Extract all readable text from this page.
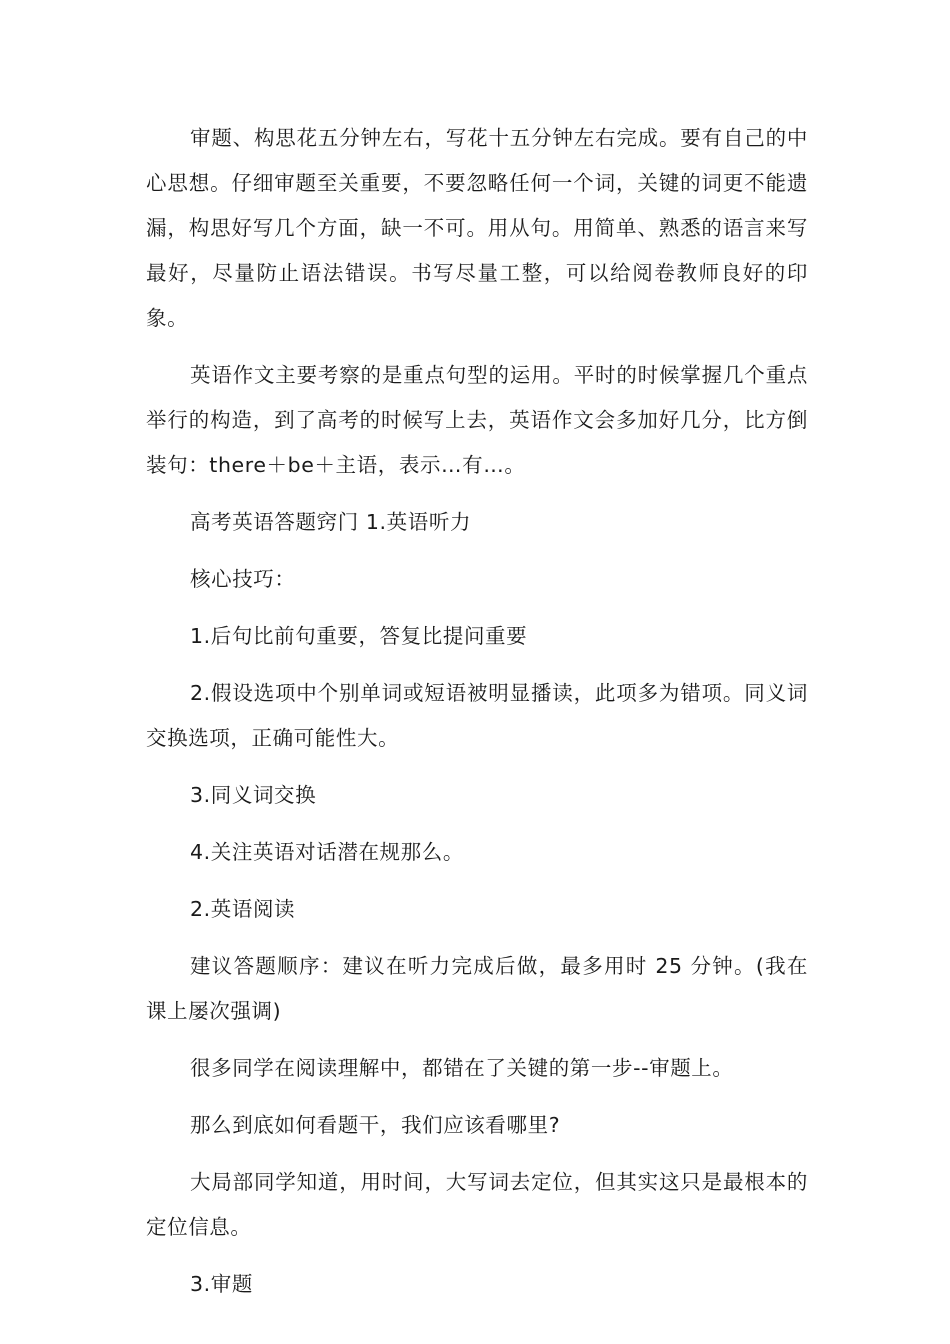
审题、构思花五分钟左右，写花十五分钟左右完成。要有自己的中心思想。仔细审题至关重要，不要忽略任何一个词，关键的词更不能遗漏，构思好写几个方面，缺一不可。用从句。用简单、熟悉的语言来写最好，尽量防止语法错误。书写尽量工整，可以给阅卷教师良好的印象。

英语作文主要考察的是重点句型的运用。平时的时候掌握几个重点举行的构造，到了高考的时候写上去，英语作文会多加好几分，比方倒装句：there＋be＋主语，表示…有…。

高考英语答题窍门 1.英语听力

核心技巧：

1.后句比前句重要，答复比提问重要

2.假设选项中个别单词或短语被明显播读，此项多为错项。同义词交换选项，正确可能性大。

3.同义词交换

4.关注英语对话潜在规那么。

2.英语阅读

建议答题顺序：建议在听力完成后做，最多用时 25 分钟。(我在课上屡次强调)

很多同学在阅读理解中，都错在了关键的第一步--审题上。

那么到底如何看题干，我们应该看哪里?

大局部同学知道，用时间，大写词去定位，但其实这只是最根本的定位信息。

3.审题
